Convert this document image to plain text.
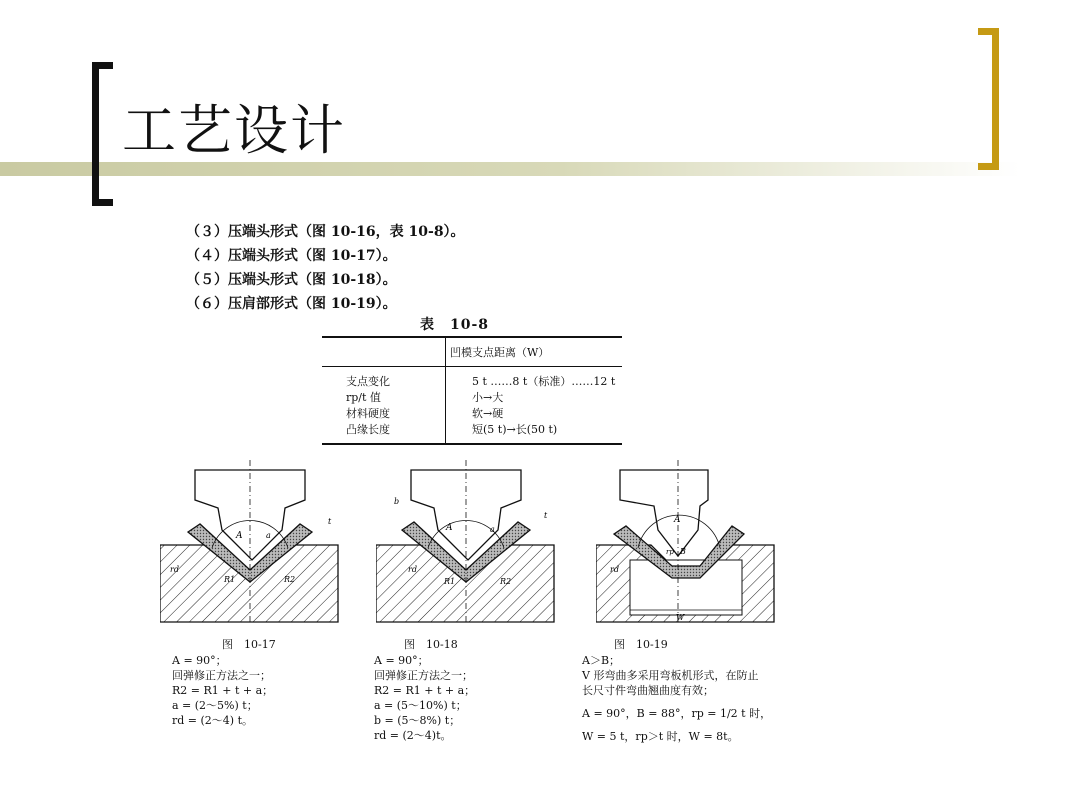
工艺设计
（３）压端头形式（图 10-16，表 10-8）。
（４）压端头形式（图 10-17）。
（５）压端头形式（图 10-18）。
（６）压肩部形式（图 10-19）。
表　10-8
	凹模支点距离（W）
支点变化	5 t ……8 t（标准）……12 t
rp/t 值	小→大
材料硬度	软→硬
凸缘长度	短(5 t)→长(50 t)
A	a
t
rd
R1	R2
A	a
b
t
rd
R1	R2
A
B
rp
rd
W
图　10-17
A = 90°；
回弹修正方法之一；
R2 = R1 + t + a；
a = (2～5%) t；
rd = (2～4) t。
图　10-18
A = 90°；
回弹修正方法之一；
R2 = R1 + t + a；
a = (5～10%) t；
b = (5～8%) t；
rd = (2～4)t。
图　10-19
A＞B；
V 形弯曲多采用弯板机形式，在防止
长尺寸件弯曲翘曲度有效；
A = 90°，B = 88°，rp = 1/2 t 时，
W = 5 t，rp＞t 时，W = 8t。
